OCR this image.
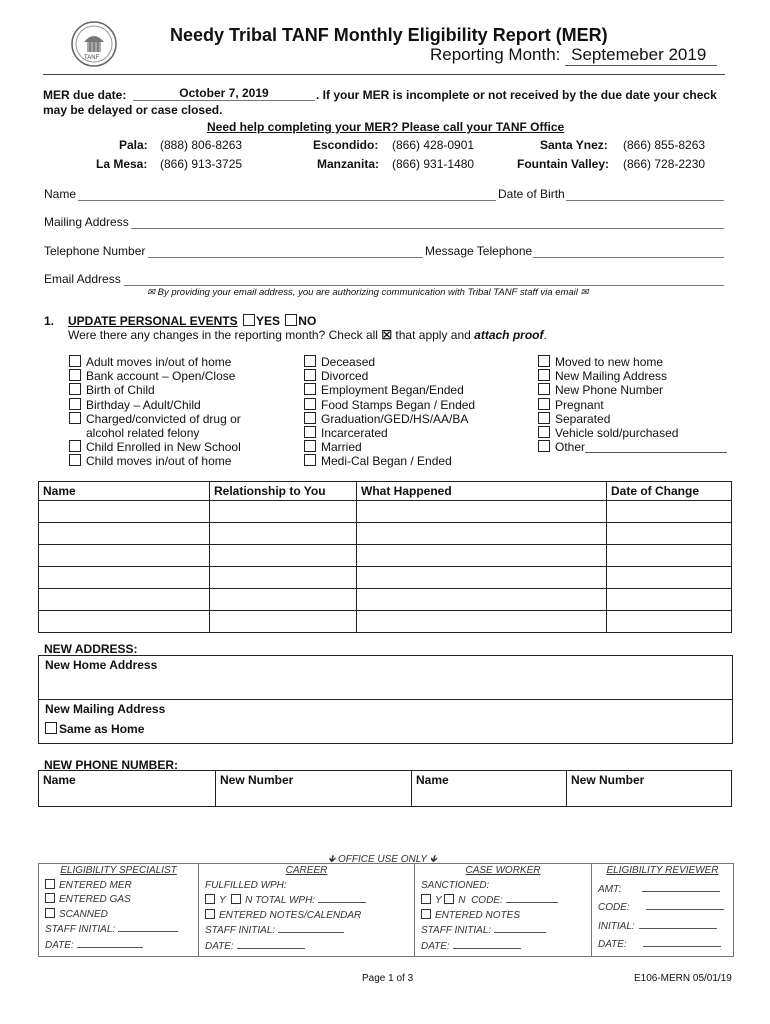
TANF
Needy Tribal TANF Monthly Eligibility Report (MER)
Reporting Month: Septemeber 2019
MER due date:	October 7, 2019	. If your MER is incomplete or not received by the due date your check
may be delayed or case closed.
Need help completing your MER? Please call your TANF Office
Pala: (888) 806-8263	Escondido: (866) 428-0901	Santa Ynez: (866) 855-8263
La Mesa: (866) 913-3725	Manzanita: (866) 931-1480	Fountain Valley: (866) 728-2230
Name	Date of Birth
Mailing Address
Telephone Number	Message Telephone
Email Address
✉ By providing your email address, you are authorizing communication with Tribal TANF staff via email ✉
1. UPDATE PERSONAL EVENTS YES NO
Were there any changes in the reporting month? Check all ☒ that apply and attach proof.
Adult moves in/out of home
Bank account – Open/Close
Birth of Child
Birthday – Adult/Child
Charged/convicted of drug or
alcohol related felony
Child Enrolled in New School
Child moves in/out of home
Deceased
Divorced
Employment Began/Ended
Food Stamps Began / Ended
Graduation/GED/HS/AA/BA
Incarcerated
Married
Medi-Cal Began / Ended
Moved to new home
New Mailing Address
New Phone Number
Pregnant
Separated
Vehicle sold/purchased
Other
Name	Relationship to You	What Happened	Date of Change

NEW ADDRESS:
New Home Address
New Mailing Address
Same as Home
NEW PHONE NUMBER:
Name	New Number	Name	New Number
🡻 OFFICE USE ONLY 🡻
ELIGIBILITY SPECIALIST
ENTERED MER
ENTERED GAS
SCANNED
STAFF INITIAL:
DATE:

CAREER
FULFILLED WPH:
Y N TOTAL WPH:
ENTERED NOTES/CALENDAR
STAFF INITIAL:
DATE:

CASE WORKER
SANCTIONED:
Y N CODE:
ENTERED NOTES
STAFF INITIAL:
DATE:

ELIGIBILITY REVIEWER
AMT:
CODE:
INITIAL:
DATE:
Page 1 of 3	E106-MERN 05/01/19
